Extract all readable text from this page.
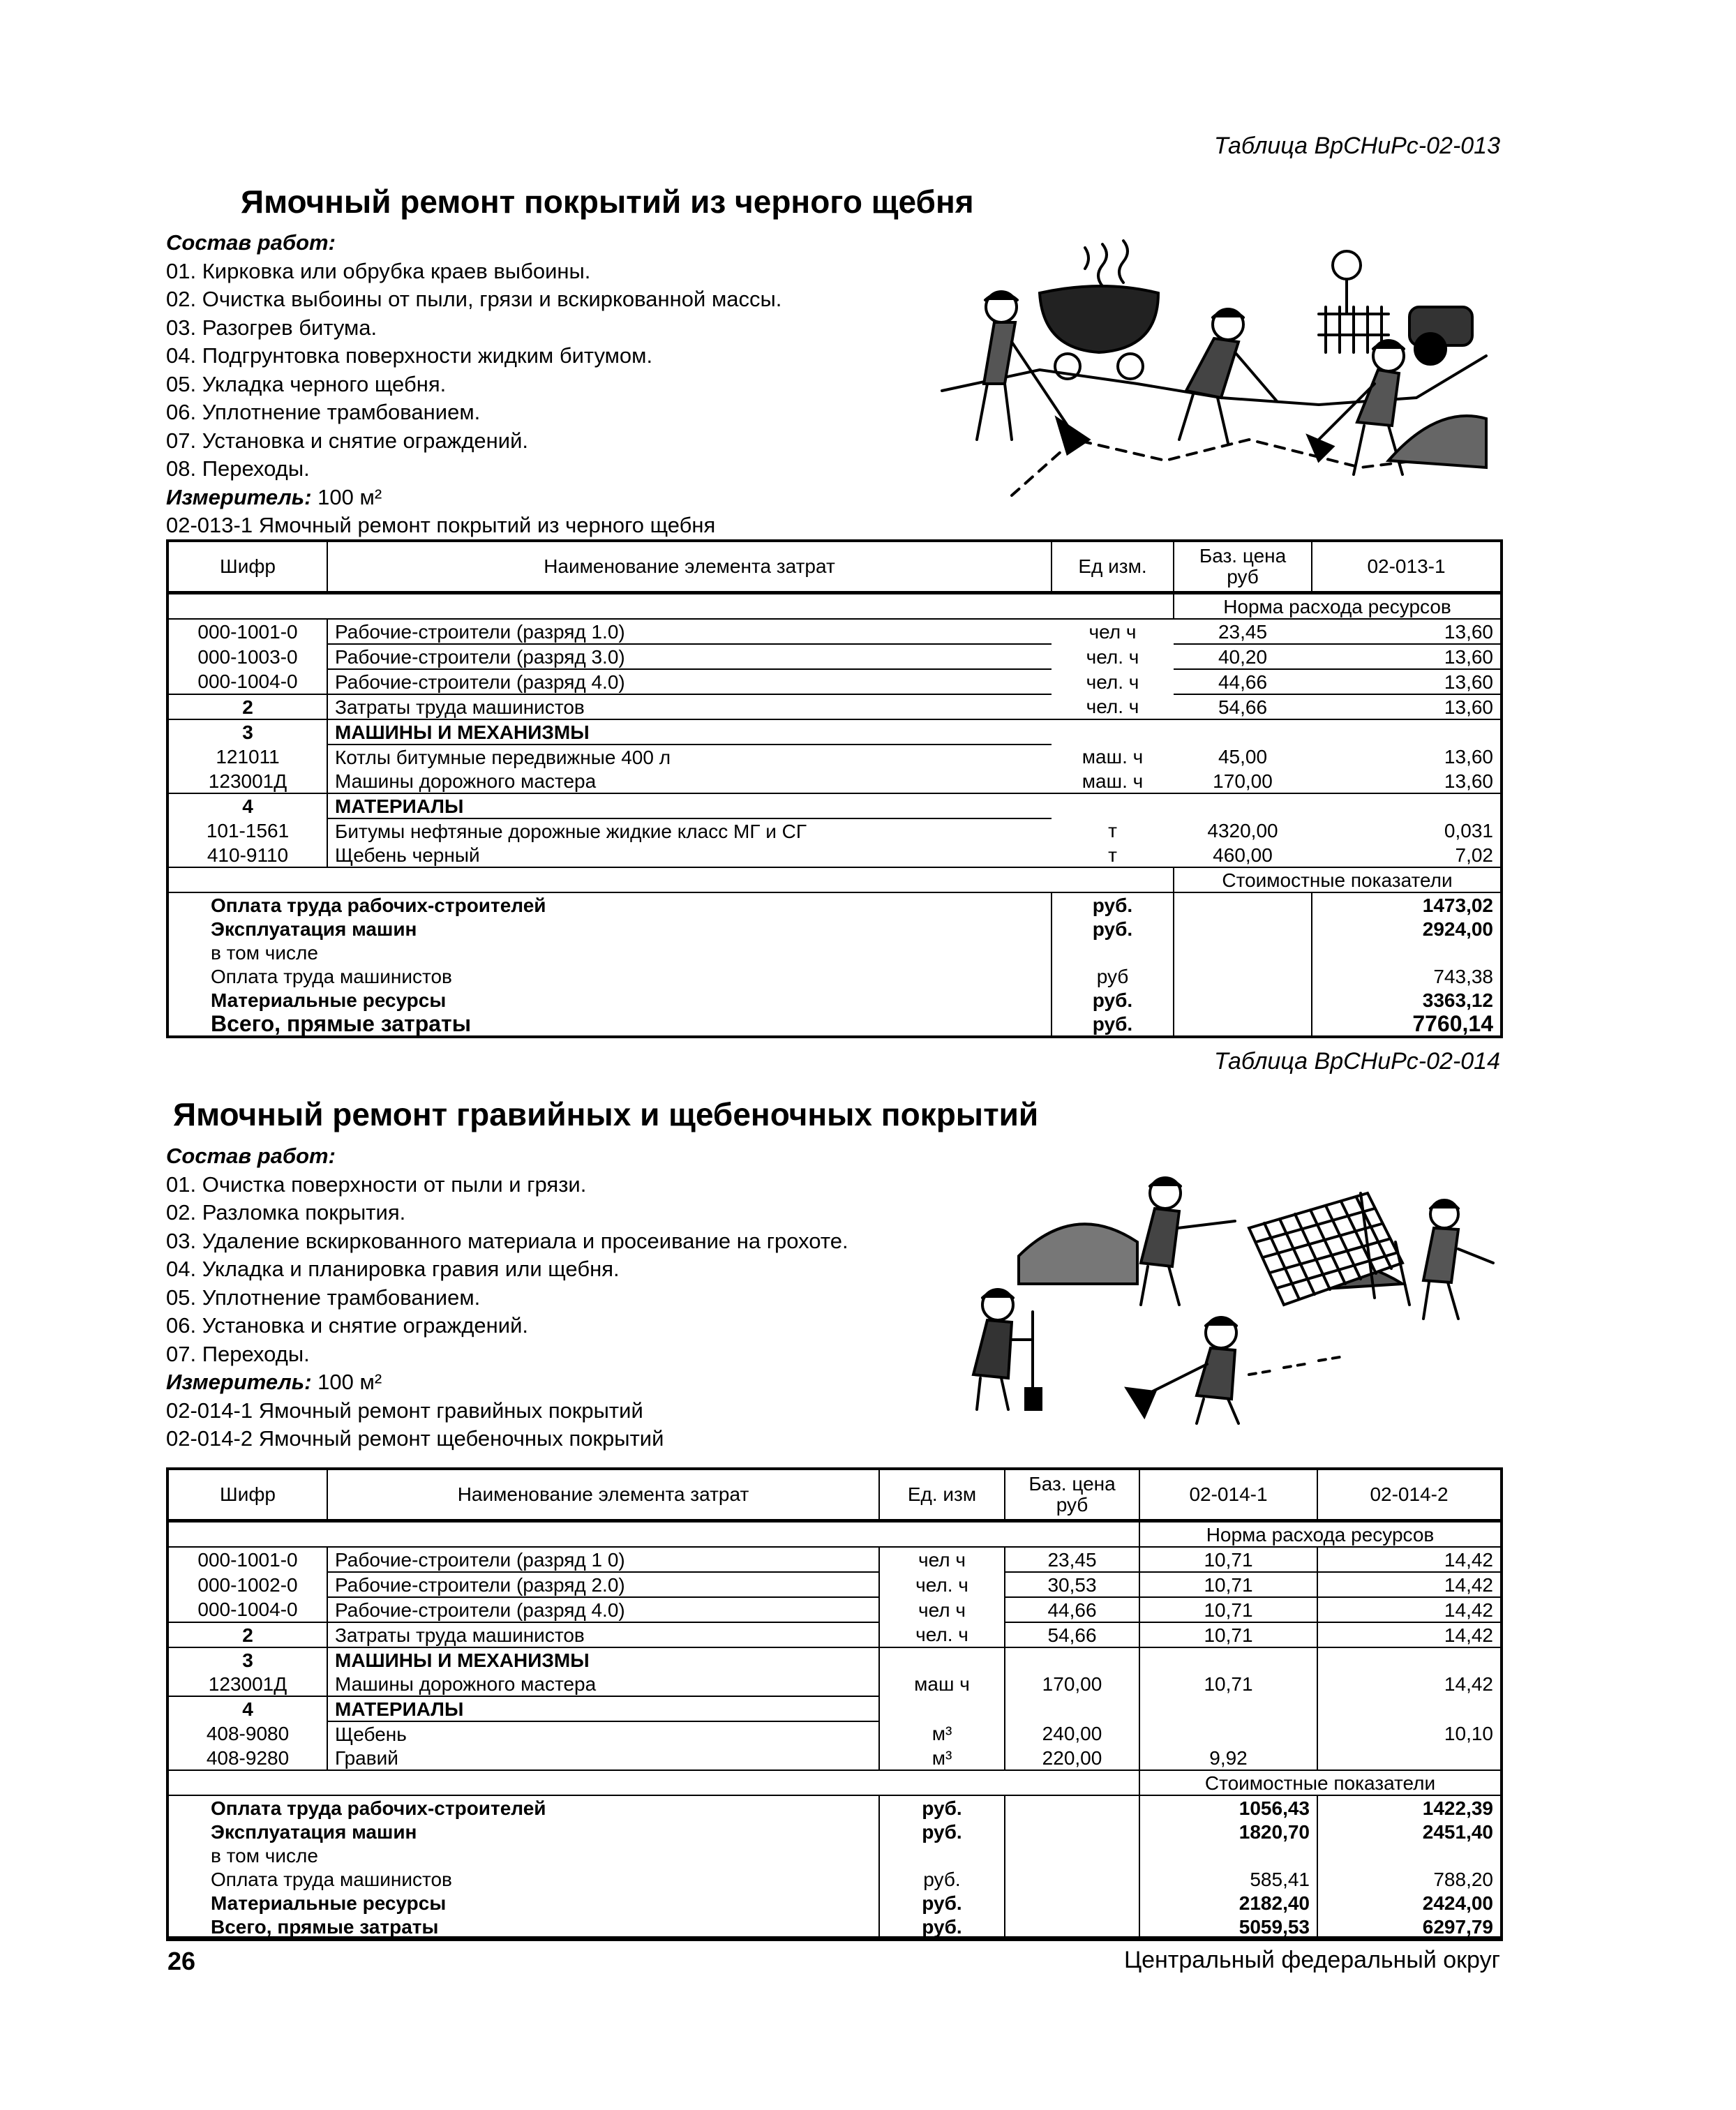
Таблица ВрСНиРс-02-013
Ямочный ремонт покрытий из черного щебня
Состав работ:
01. Кирковка или обрубка краев выбоины.
02. Очистка выбоины от пыли, грязи и вскиркованной массы.
03. Разогрев битума.
04. Подгрунтовка поверхности жидким битумом.
05. Укладка черного щебня.
06. Уплотнение трамбованием.
07. Установка и снятие ограждений.
08. Переходы.
Измеритель: 100 м²
02-013-1 Ямочный ремонт покрытий из черного щебня
Шифр	Наименование элемента затрат	Ед изм.	Баз. цена руб	02-013-1
			Норма расхода ресурсов	
000-1001-0	Рабочие-строители (разряд 1.0)	чел ч	23,45	13,60
000-1003-0	Рабочие-строители (разряд 3.0)	чел. ч	40,20	13,60
000-1004-0	Рабочие-строители (разряд 4.0)	чел. ч	44,66	13,60
2	Затраты труда машинистов	чел. ч	54,66	13,60
3	МАШИНЫ И МЕХАНИЗМЫ			
121011	Котлы битумные передвижные 400 л	маш. ч	45,00	13,60
123001Д	Машины дорожного мастера	маш. ч	170,00	13,60
4	МАТЕРИАЛЫ			
101-1561	Битумы нефтяные дорожные жидкие класс МГ и СГ	т	4320,00	0,031
410-9110	Щебень черный	т	460,00	7,02
			Стоимостные показатели	
Оплата труда рабочих-строителей		руб.		1473,02
Эксплуатация машин		руб.		2924,00
в том числе				
Оплата труда машинистов		руб		743,38
Материальные ресурсы		руб.		3363,12
Всего, прямые затраты		руб.		7760,14
Таблица ВрСНиРс-02-014
Ямочный ремонт гравийных и щебеночных покрытий
Состав работ:
01. Очистка поверхности от пыли и грязи.
02. Разломка покрытия.
03. Удаление вскиркованного материала и просеивание на грохоте.
04. Укладка и планировка гравия или щебня.
05. Уплотнение трамбованием.
06. Установка и снятие ограждений.
07. Переходы.
Измеритель: 100 м²
02-014-1 Ямочный ремонт гравийных покрытий
02-014-2 Ямочный ремонт щебеночных покрытий
Шифр	Наименование элемента затрат	Ед. изм	Баз. цена руб	02-014-1	02-014-2
				Норма расхода ресурсов	
000-1001-0	Рабочие-строители (разряд 1 0)	чел ч	23,45	10,71	14,42
000-1002-0	Рабочие-строители (разряд 2.0)	чел. ч	30,53	10,71	14,42
000-1004-0	Рабочие-строители (разряд 4.0)	чел ч	44,66	10,71	14,42
2	Затраты труда машинистов	чел. ч	54,66	10,71	14,42
3	МАШИНЫ И МЕХАНИЗМЫ				
123001Д	Машины дорожного мастера	маш ч	170,00	10,71	14,42
4	МАТЕРИАЛЫ				
408-9080	Щебень	м³	240,00		10,10
408-9280	Гравий	м³	220,00	9,92	
				Стоимостные показатели	
Оплата труда рабочих-строителей		руб.		1056,43	1422,39
Эксплуатация машин		руб.		1820,70	2451,40
в том числе					
Оплата труда машинистов		руб.		585,41	788,20
Материальные ресурсы		руб.		2182,40	2424,00
Всего, прямые затраты		руб.		5059,53	6297,79
26	Центральный федеральный округ
